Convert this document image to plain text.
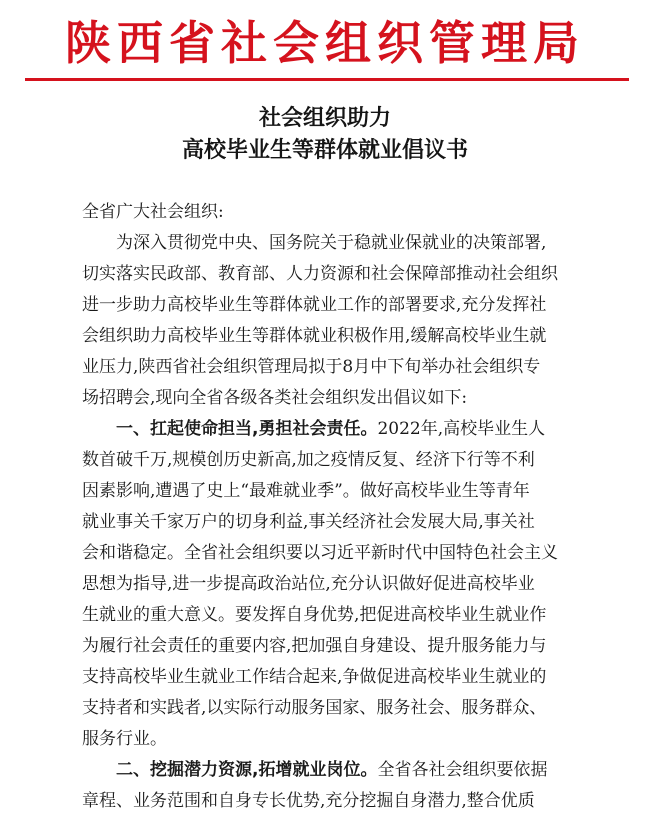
陕西省社会组织管理局
社会组织助力
高校毕业生等群体就业倡议书
全省广大社会组织:
为深入贯彻党中央、国务院关于稳就业保就业的决策部署,
切实落实民政部、教育部、人力资源和社会保障部推动社会组织
进一步助力高校毕业生等群体就业工作的部署要求,充分发挥社
会组织助力高校毕业生等群体就业积极作用,缓解高校毕业生就
业压力,陕西省社会组织管理局拟于8月中下旬举办社会组织专
场招聘会,现向全省各级各类社会组织发出倡议如下:
一、扛起使命担当,勇担社会责任。2022年,高校毕业生人
数首破千万,规模创历史新高,加之疫情反复、经济下行等不利
因素影响,遭遇了史上“最难就业季”。做好高校毕业生等青年
就业事关千家万户的切身利益,事关经济社会发展大局,事关社
会和谐稳定。全省社会组织要以习近平新时代中国特色社会主义
思想为指导,进一步提高政治站位,充分认识做好促进高校毕业
生就业的重大意义。要发挥自身优势,把促进高校毕业生就业作
为履行社会责任的重要内容,把加强自身建设、提升服务能力与
支持高校毕业生就业工作结合起来,争做促进高校毕业生就业的
支持者和实践者,以实际行动服务国家、服务社会、服务群众、
服务行业。
二、挖掘潜力资源,拓增就业岗位。全省各社会组织要依据
章程、业务范围和自身专长优势,充分挖掘自身潜力,整合优质
